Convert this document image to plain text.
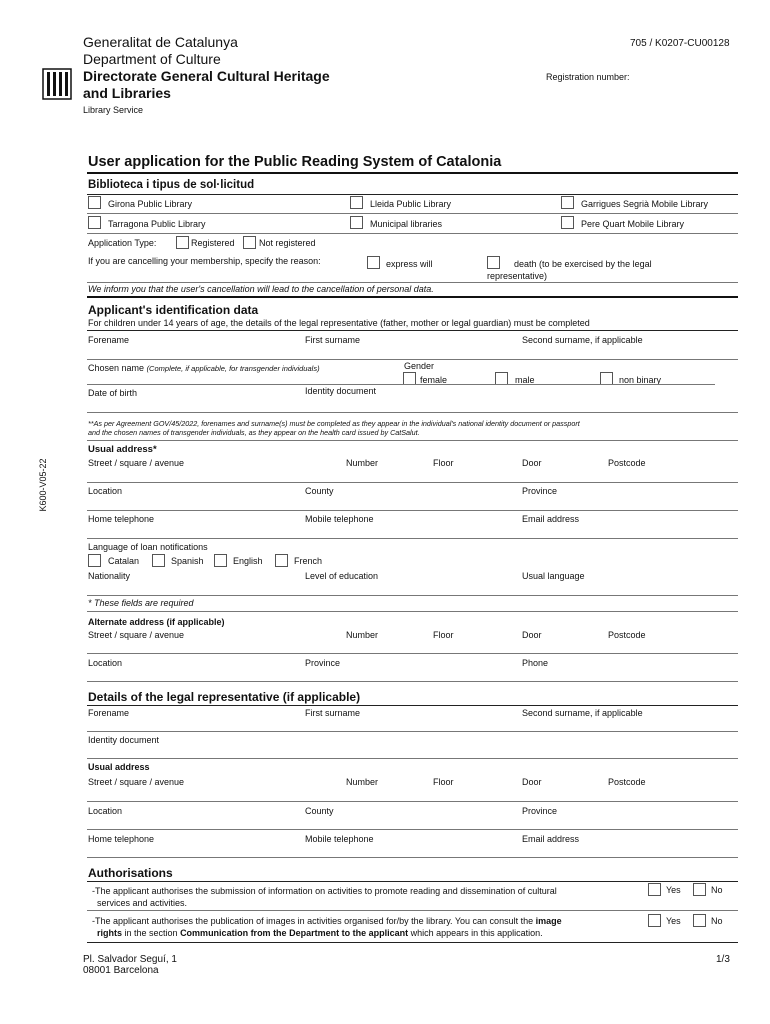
Generalitat de Catalunya
Department of Culture
Directorate General Cultural Heritage
and Libraries
Library Service
705 / K0207-CU00128
Registration number:
K600-V05-22
User application for the Public Reading System of Catalonia
Biblioteca i tipus de sol·licitud
Girona Public Library	Lleida Public Library	Garrigues Segrià Mobile Library
Tarragona Public Library	Municipal libraries	Pere Quart Mobile Library
Application Type:	Registered	Not registered
If you are cancelling your membership, specify the reason:	express will	death (to be exercised by the legal
representative)
We inform you that the user's cancellation will lead to the cancellation of personal data.
Applicant's identification data
For children under 14 years of age, the details of the legal representative (father, mother or legal guardian) must be completed
Forename	First surname	Second surname, if applicable
Chosen name (Complete, if applicable, for transgender individuals)	Gender
female	male	non binary
Date of birth	Identity document
**As per Agreement GOV/45/2022, forenames and surname(s) must be completed as they appear in the individual's national identity document or passport
and the chosen names of transgender individuals, as they appear on the health card issued by CatSalut.
Usual address*
Street / square / avenue	Number	Floor	Door	Postcode
Location	County	Province
Home telephone	Mobile telephone	Email address
Language of loan notifications
Catalan	Spanish	English	French
Nationality	Level of education	Usual language
* These fields are required
Alternate address (if applicable)
Street / square / avenue	Number	Floor	Door	Postcode
Location	Province	Phone
Details of the legal representative (if applicable)
Forename	First surname	Second surname, if applicable
Identity document
Usual address
Street / square / avenue	Number	Floor	Door	Postcode
Location	County	Province
Home telephone	Mobile telephone	Email address
Authorisations
-The applicant authorises the submission of information on activities to promote reading and dissemination of cultural
services and activities.
Yes	No
-The applicant authorises the publication of images in activities organised for/by the library. You can consult the image
rights in the section Communication from the Department to the applicant which appears in this application.
Yes	No
Pl. Salvador Seguí, 1
08001 Barcelona
1/3
